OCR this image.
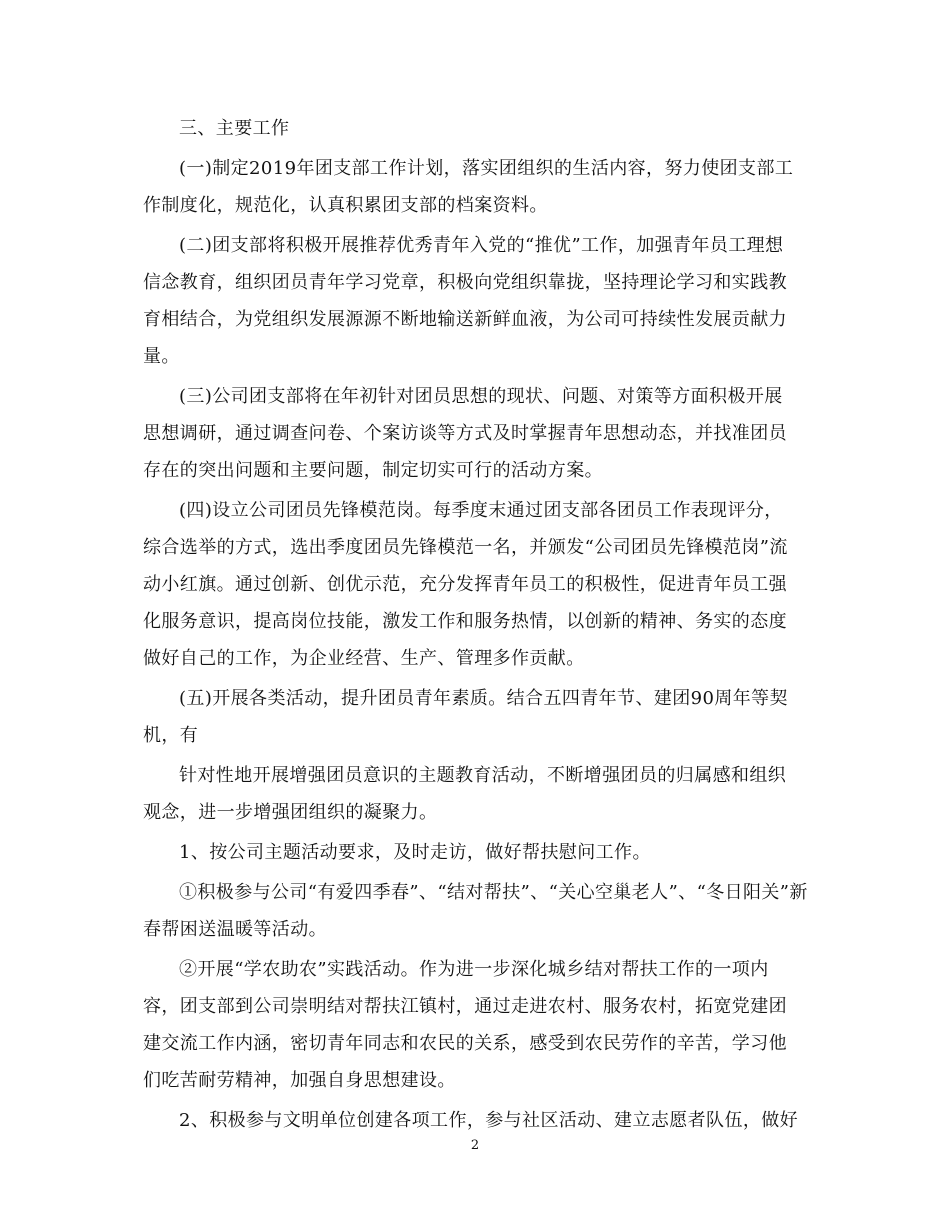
三、主要工作
(一)制定2019年团支部工作计划，落实团组织的生活内容，努力使团支部工
作制度化，规范化，认真积累团支部的档案资料。
(二)团支部将积极开展推荐优秀青年入党的“推优”工作，加强青年员工理想
信念教育，组织团员青年学习党章，积极向党组织靠拢，坚持理论学习和实践教
育相结合，为党组织发展源源不断地输送新鲜血液，为公司可持续性发展贡献力
量。
(三)公司团支部将在年初针对团员思想的现状、问题、对策等方面积极开展
思想调研，通过调查问卷、个案访谈等方式及时掌握青年思想动态，并找准团员
存在的突出问题和主要问题，制定切实可行的活动方案。
(四)设立公司团员先锋模范岗。每季度末通过团支部各团员工作表现评分，
综合选举的方式，选出季度团员先锋模范一名，并颁发“公司团员先锋模范岗”流
动小红旗。通过创新、创优示范，充分发挥青年员工的积极性，促进青年员工强
化服务意识，提高岗位技能，激发工作和服务热情，以创新的精神、务实的态度
做好自己的工作，为企业经营、生产、管理多作贡献。
(五)开展各类活动，提升团员青年素质。结合五四青年节、建团90周年等契
机，有
针对性地开展增强团员意识的主题教育活动，不断增强团员的归属感和组织
观念，进一步增强团组织的凝聚力。
1、按公司主题活动要求，及时走访，做好帮扶慰问工作。
①积极参与公司“有爱四季春”、“结对帮扶”、“关心空巢老人”、“冬日阳关”新
春帮困送温暖等活动。
②开展“学农助农”实践活动。作为进一步深化城乡结对帮扶工作的一项内
容，团支部到公司崇明结对帮扶江镇村，通过走进农村、服务农村，拓宽党建团
建交流工作内涵，密切青年同志和农民的关系，感受到农民劳作的辛苦，学习他
们吃苦耐劳精神，加强自身思想建设。
2、积极参与文明单位创建各项工作，参与社区活动、建立志愿者队伍，做好
2
